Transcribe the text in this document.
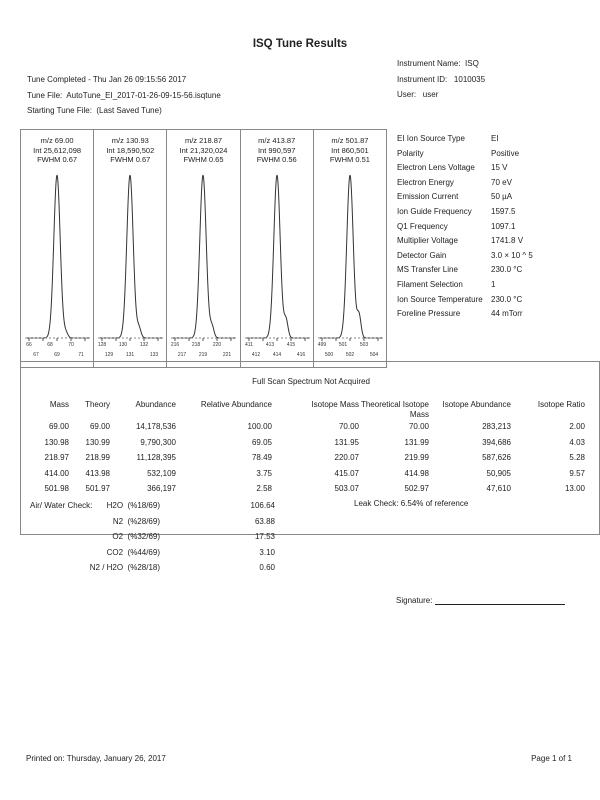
ISQ Tune Results
Tune Completed - Thu Jan 26 09:15:56 2017
Tune File: AutoTune_EI_2017-01-26-09-15-56.isqtune
Starting Tune File: (Last Saved Tune)
Instrument Name: ISQ
Instrument ID: 1010035
User: user
m/z 69.00
Int 25,612,098
FWHM 0.67
66	68	70
67	69	71
m/z 130.93
Int 18,590,502
FWHM 0.67
128	130	132
129	131	133
m/z 218.87
Int 21,320,024
FWHM 0.65
216	218	220
217	219	221
m/z 413.87
Int 990,597
FWHM 0.56
411	413	415
412	414	416
m/z 501.87
Int 860,501
FWHM 0.51
499	501	503
500	502	504
EI Ion Source Type	EI
Polarity	Positive
Electron Lens Voltage 15 V
Electron Energy	70 eV
Emission Current	50 µA
Ion Guide Frequency 1597.5
Q1 Frequency	1097.1
Multiplier Voltage	1741.8 V
Detector Gain	3.0 × 10 ^ 5
MS Transfer Line	230.0 °C
Filament Selection	1
Ion Source Temperature 230.0 °C
Foreline Pressure	44 mTorr
Full Scan Spectrum Not Acquired
Mass	Theory	Abundance	Relative Abundance	Isotope Mass	Theoretical Isotope Mass	Isotope Abundance	Isotope Ratio
69.00	69.00	14,178,536	100.00	70.00	70.00	283,213	2.00
130.98	130.99	9,790,300	69.05	131.95	131.99	394,686	4.03
218.97	218.99	11,128,395	78.49	220.07	219.99	587,626	5.28
414.00	413.98	532,109	3.75	415.07	414.98	50,905	9.57
501.98	501.97	366,197	2.58	503.07	502.97	47,610	13.00
Leak Check: 6.54% of reference
Air/ Water Check: H2O  (%18/69)	106.64
N2  (%28/69)	63.88
O2  (%32/69)	17.53
CO2  (%44/69)	3.10
N2 / H2O  (%28/18)	0.60
Signature:
Printed on: Thursday, January 26, 2017	Page 1 of 1
